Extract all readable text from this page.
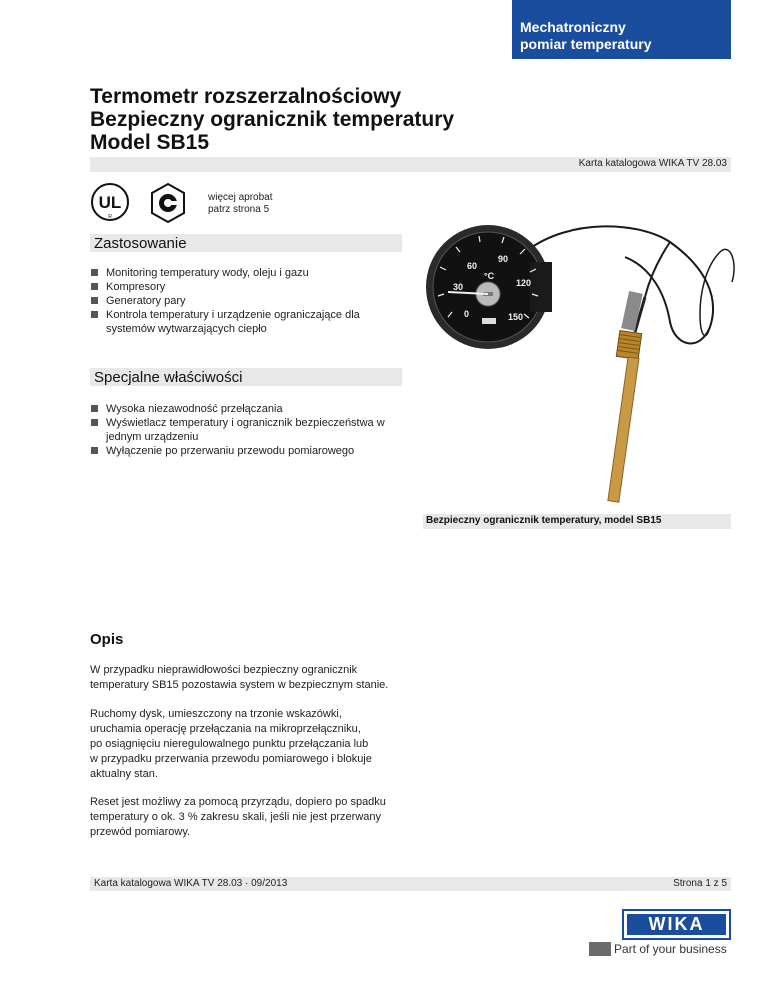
Mechatroniczny
pomiar temperatury
Termometr rozszerzalnościowy
Bezpieczny ogranicznik temperatury
Model SB15
Karta katalogowa WIKA TV 28.03
UL
R
więcej aprobat
patrz strona 5
Zastosowanie
Monitoring temperatury wody, oleju i gazu
Kompresory
Generatory pary
Kontrola temperatury i urządzenie ograniczające dla
systemów wytwarzających ciepło
Specjalne właściwości
Wysoka niezawodność przełączania
Wyświetlacz temperatury i ogranicznik bezpieczeństwa w
jednym urządzeniu
Wyłączenie po przerwaniu przewodu pomiarowego
0
30
60
90
120
150
°C
Bezpieczny ogranicznik temperatury, model SB15
Opis
W przypadku nieprawidłowości bezpieczny ogranicznik
temperatury SB15 pozostawia system w bezpiecznym stanie.
Ruchomy dysk, umieszczony na trzonie wskazówki,
uruchamia operację przełączania na mikroprzełączniku,
po osiągnięciu nieregulowalnego punktu przełączania lub
w przypadku przerwania przewodu pomiarowego i blokuje
aktualny stan.
Reset jest możliwy za pomocą przyrządu, dopiero po spadku
temperatury o ok. 3 % zakresu skali, jeśli nie jest przerwany
przewód pomiarowy.
Karta katalogowa WIKA TV 28.03 · 09/2013	Strona 1 z 5
WIKA
Part of your business
